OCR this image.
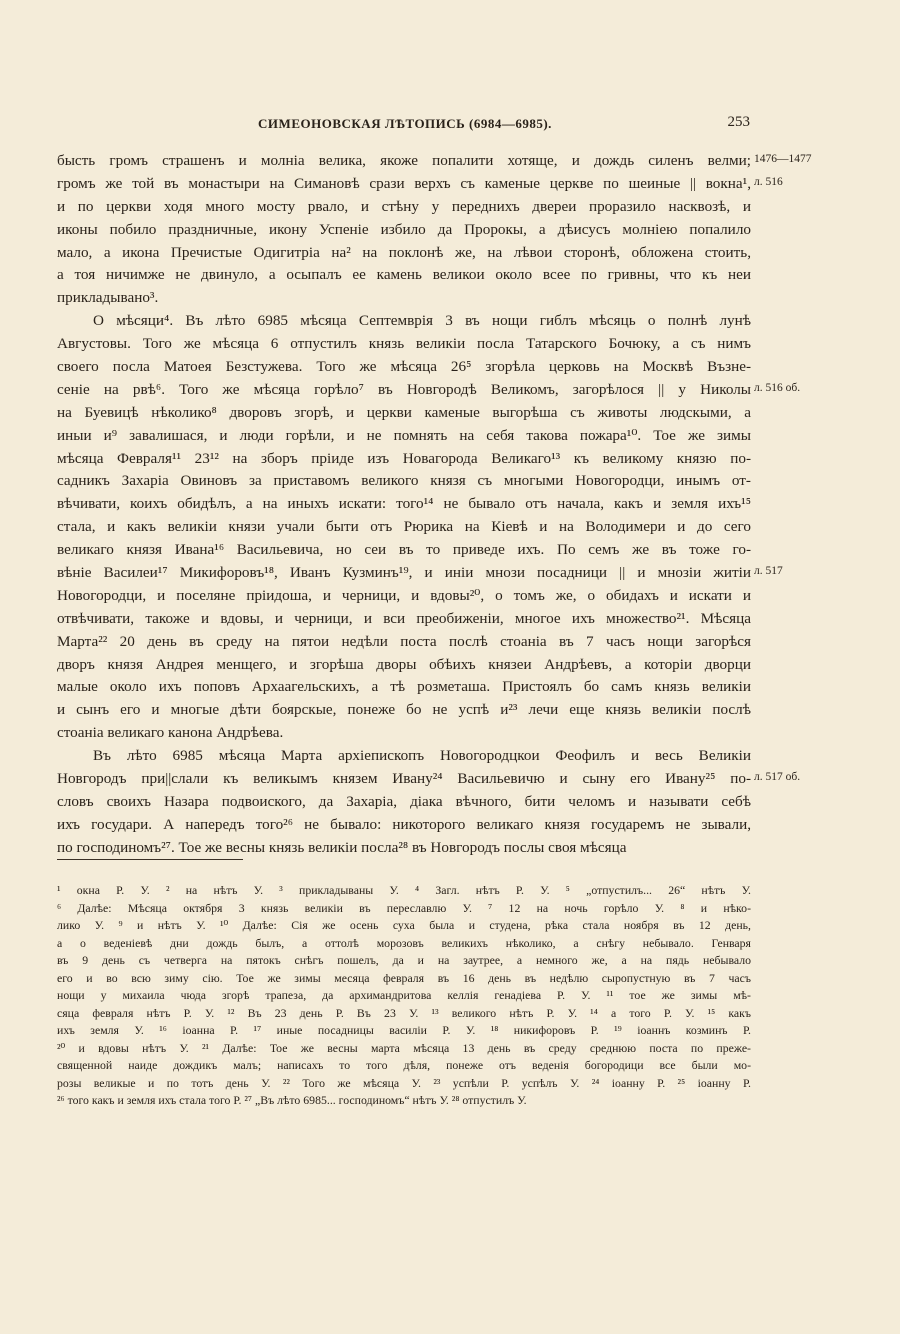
СИМЕОНОВСКАЯ ЛѢТОПИСЬ (6984—6985).	253
бысть громъ страшенъ и молніа велика, якоже попалити хотяще, и дождь силенъ велми;
громъ же той въ монастыри на Симановѣ срази верхъ съ каменые церкве по шеиные || вокна¹,
и по церкви ходя много мосту рвало, и стѣну у переднихъ двереи проразило насквозѣ, и
иконы побило праздничные, икону Успеніе избило да Пророкы, а дѣисусъ молніею попалило
мало, а икона Пречистые Одигитріа на² на поклонѣ же, на лѣвои сторонѣ, обложена стоить,
а тоя ничимже не двинуло, а осыпалъ ее камень великои около всее по гривны, что къ неи
прикладывано³.
О мѣсяци⁴. Въ лѣто 6985 мѣсяца Септемврія 3 въ нощи гиблъ мѣсяць о полнѣ лунѣ
Августовы. Того же мѣсяца 6 отпустилъ князь великіи посла Татарского Бочюку, а съ нимъ
своего посла Матоея Безстужева. Того же мѣсяца 26⁵ згорѣла церковь на Москвѣ Възне-
сеніе на рвѣ⁶. Того же мѣсяца горѣло⁷ въ Новгородѣ Великомъ, загорѣлося || у Николы
на Буевицѣ нѣколико⁸ дворовъ згорѣ, и церкви каменые выгорѣша съ животы людскыми, а
иныи и⁹ завалишася, и люди горѣли, и не помнять на себя такова пожара¹⁰. Тое же зимы
мѣсяца Февраля¹¹ 23¹² на зборъ пріиде изъ Новагорода Великаго¹³ къ великому князю по-
садникъ Захаріа Овиновъ за приставомъ великого князя съ многыми Новогородци, инымъ от-
вѣчивати, коихъ обидѣлъ, а на иныхъ искати: того¹⁴ не бывало отъ начала, какъ и земля ихъ¹⁵
стала, и какъ великіи князи учали быти отъ Рюрика на Кіевѣ и на Володимери и до сего
великаго князя Ивана¹⁶ Васильевича, но сеи въ то приведе ихъ. По семъ же въ тоже го-
вѣніе Василеи¹⁷ Микифоровъ¹⁸, Иванъ Кузминъ¹⁹, и иніи мнози посадници || и мнозіи житіи
Новогородци, и поселяне пріидоша, и черници, и вдовы²⁰, о томъ же, о обидахъ и искати и
отвѣчивати, такоже и вдовы, и черници, и вси преобиженіи, многое ихъ множество²¹. Мѣсяца
Марта²² 20 день въ среду на пятои недѣли поста послѣ стоаніа въ 7 часъ нощи загорѣся
дворъ князя Андрея менщего, и згорѣша дворы обѣихъ князеи Андрѣевъ, а которіи дворци
малые около ихъ поповъ Архаагельскихъ, а тѣ розметаша. Пристоялъ бо самъ князь великіи
и сынъ его и многые дѣти боярскые, понеже бо не успѣ и²³ лечи еще князь великіи послѣ
стоаніа великаго канона Андрѣева.
Въ лѣто 6985 мѣсяца Марта архіепископъ Новогородцкои Феофилъ и весь Великіи
Новгородъ при||слали къ великымъ князем Ивану²⁴ Васильевичю и сыну его Ивану²⁵ по-
словъ своихъ Назара подвоиского, да Захаріа, діака вѣчного, бити челомъ и называти себѣ
ихъ государи. А напередъ того²⁶ не бывало: никоторого великаго князя государемъ не зывали,
по господиномъ²⁷. Тое же весны князь великіи посла²⁸ въ Новгородъ послы своя мѣсяца
1476—1477
л. 516
л. 516 об.
л. 517
л. 517 об.
¹ окна Р. У. ² на нѣтъ У. ³ прикладываны У. ⁴ Загл. нѣтъ Р. У. ⁵ „отпустилъ... 26“ нѣтъ У.
⁶ Далѣе: Мѣсяца октября 3 князь великіи въ переславлю У. ⁷ 12 на ночь горѣло У. ⁸ и нѣко-
лико У. ⁹ и нѣтъ У. ¹⁰ Далѣе: Сія же осень суха была и студена, рѣка стала ноября въ 12 день,
а о веденіевѣ дни дождь былъ, а оттолѣ морозовъ великихъ нѣколико, а снѣгу небывало. Генваря
въ 9 день съ четверга на пятокъ снѣгъ пошелъ, да и на заутрее, а немного же, а на пядь небывало
его и во всю зиму сію. Тое же зимы месяца февраля въ 16 день въ недѣлю сыропустную въ 7 часъ
нощи у михаила чюда згорѣ трапеза, да архимандритова келлія генадіева Р. У. ¹¹ тое же зимы мѣ-
сяца февраля нѣтъ Р. У. ¹² Въ 23 день Р. Въ 23 У. ¹³ великого нѣтъ Р. У. ¹⁴ а того Р. У. ¹⁵ какъ
ихъ земля У. ¹⁶ іоанна Р. ¹⁷ иные посадницы василіи Р. У. ¹⁸ никифоровъ Р. ¹⁹ іоаннъ козминъ Р.
²⁰ и вдовы нѣтъ У. ²¹ Далѣе: Тое же весны марта мѣсяца 13 день въ среду среднюю поста по преже-
священной наиде дождикъ малъ; написахъ то того дѣля, понеже отъ веденія богородици все были мо-
розы великые и по тотъ день У. ²² Того же мѣсяца У. ²³ успѣли Р. успѣлъ У. ²⁴ іоанну Р. ²⁵ іоанну Р.
²⁶ того какъ и земля ихъ стала того Р. ²⁷ „Въ лѣто 6985... господиномъ“ нѣтъ У. ²⁸ отпустилъ У.
